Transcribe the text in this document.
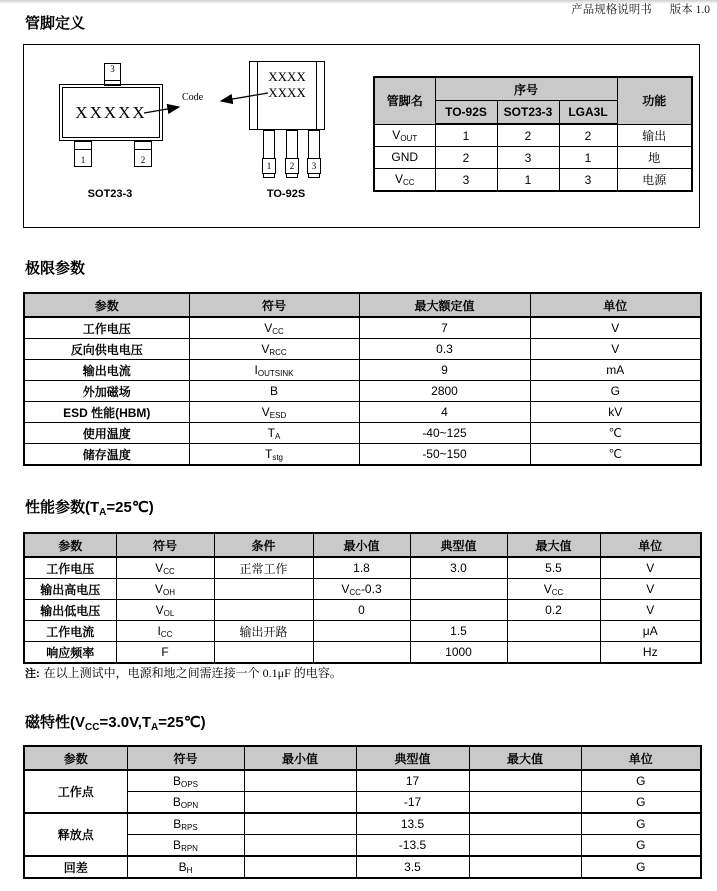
产品规格说明书 版本 1.0
管脚定义
3
XXXXX
1	2
SOT23-3
Code
XXXX
XXXX
1	2	3
TO-92S
管脚名	序号			功能
	TO-92S	SOT23-3	LGA3L	
$V_{OUT}$	1	2	2	输出
GND	2	3	1	地
$V_{CC}$	3	1	3	电源
极限参数
参数	符号	最大额定值	单位
工作电压	$V_{CC}$	7	V
反向供电电压	$V_{RCC}$	0.3	V
输出电流	$I_{OUTSINK}$	9	mA
外加磁场	B	2800	G
ESD 性能(HBM)	$V_{ESD}$	4	kV
使用温度	$T_A$	-40~125	℃
储存温度	$T_{stg}$	-50~150	℃
性能参数$(T_A=25℃)$
参数	符号	条件	最小值	典型值	最大值	单位
工作电压	$V_{CC}$	正常工作	1.8	3.0	5.5	V
输出高电压	$V_{OH}$		$V_{CC}-0.3$		$V_{CC}$	V
输出低电压	$V_{OL}$		0		0.2	V
工作电流	$I_{CC}$	输出开路		1.5		μA
响应频率	F			1000		Hz
注: 在以上测试中，电源和地之间需连接一个 0.1μF 的电容。
磁特性$(V_{CC}=3.0V,T_A=25℃)$
参数	符号	最小值	典型值	最大值	单位
工作点	$B_{OPS}$		17		G
	$B_{OPN}$		-17		G
释放点	$B_{RPS}$		13.5		G
	$B_{RPN}$		-13.5		G
回差	$B_H$		3.5		G
